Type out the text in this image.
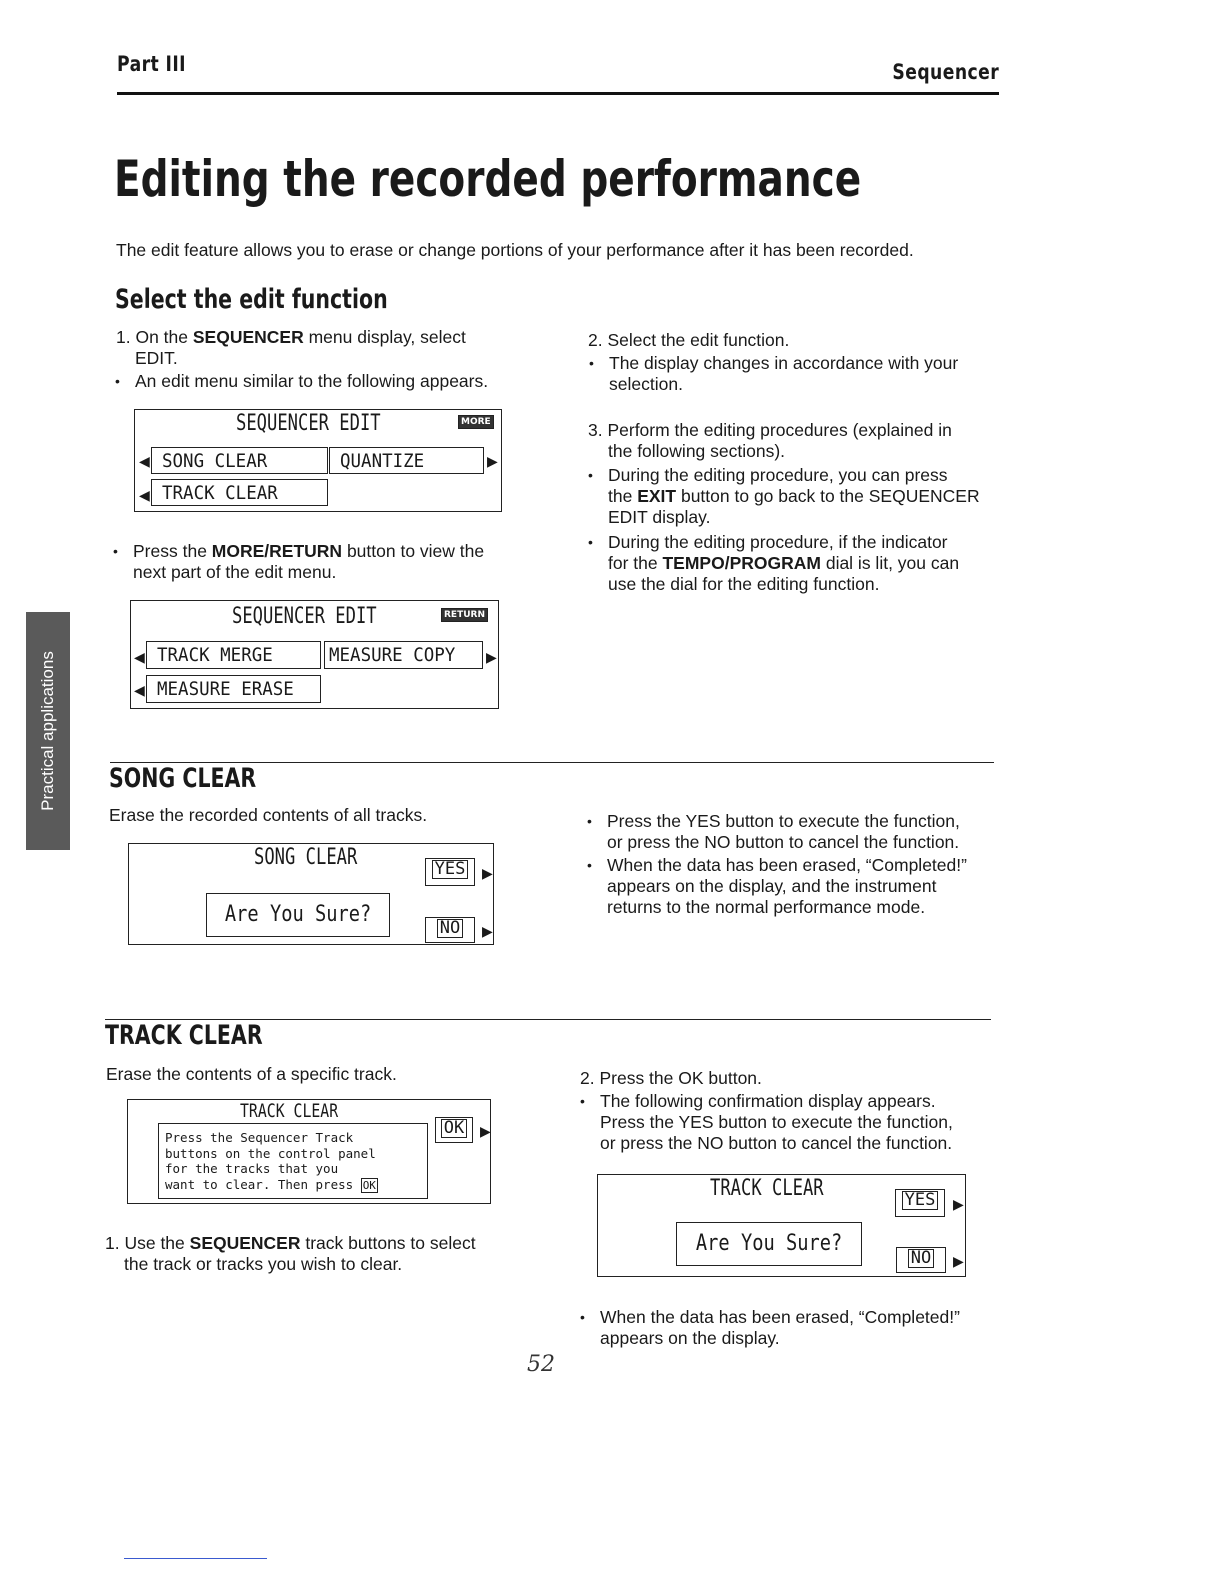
Part III	Sequencer
Editing the recorded performance
The edit feature allows you to erase or change portions of your performance after it has been recorded.
Practical applications
Select the edit function
1. On the SEQUENCER menu display, select
EDIT.
• An edit menu similar to the following appears.
SEQUENCER EDIT	MORE
◀ SONG CLEAR	QUANTIZE	▶
◀ TRACK CLEAR
• Press the MORE/RETURN button to view the
next part of the edit menu.
SEQUENCER EDIT	RETURN
◀ TRACK MERGE	MEASURE COPY	▶
◀ MEASURE ERASE
2. Select the edit function.
• The display changes in accordance with your
selection.
3. Perform the editing procedures (explained in
the following sections).
• During the editing procedure, you can press
the EXIT button to go back to the SEQUENCER
EDIT display.
• During the editing procedure, if the indicator
for the TEMPO/PROGRAM dial is lit, you can
use the dial for the editing function.
SONG CLEAR
Erase the recorded contents of all tracks.
SONG CLEAR	YES	▶
Are You Sure?
NO	▶
• Press the YES button to execute the function,
or press the NO button to cancel the function.
• When the data has been erased, “Completed!”
appears on the display, and the instrument
returns to the normal performance mode.
TRACK CLEAR
Erase the contents of a specific track.
TRACK CLEAR
OK	▶
Press the Sequencer Track
buttons on the control panel
for the tracks that you
want to clear. Then press OK
1. Use the SEQUENCER track buttons to select
the track or tracks you wish to clear.
2. Press the OK button.
• The following confirmation display appears.
Press the YES button to execute the function,
or press the NO button to cancel the function.
TRACK CLEAR	YES	▶
Are You Sure?
NO	▶
• When the data has been erased, “Completed!”
appears on the display.
52
